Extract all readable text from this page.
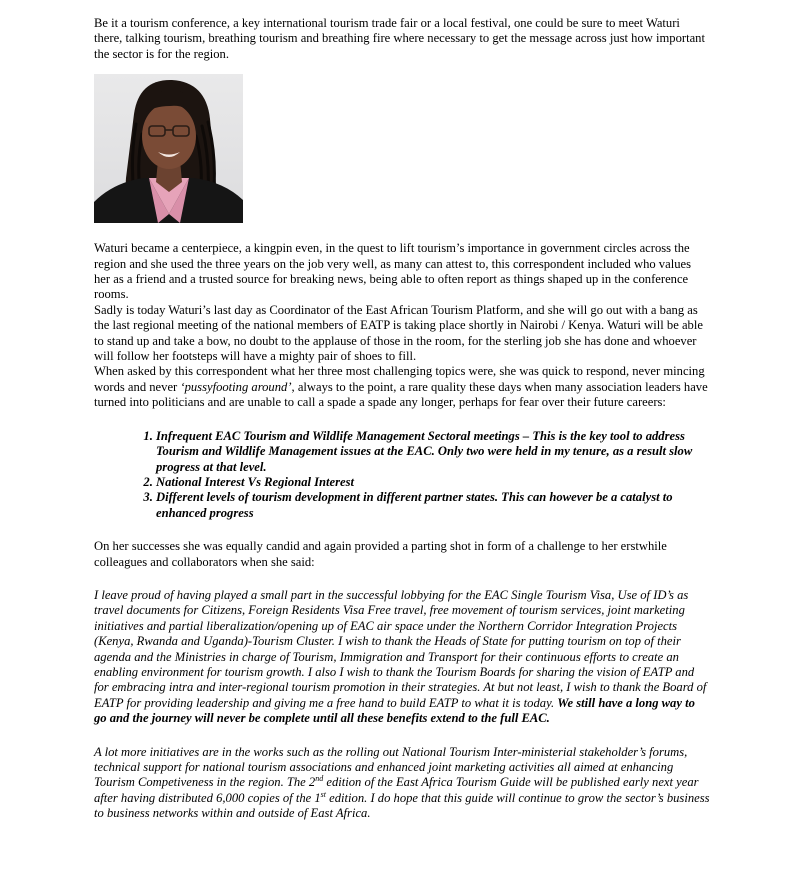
Be it a tourism conference, a key international tourism trade fair or a local festival, one could be sure to meet Waturi there, talking tourism, breathing tourism and breathing fire where necessary to get the message across just how important the sector is for the region.

Waturi became a centerpiece, a kingpin even, in the quest to lift tourism’s importance in government circles across the region and she used the three years on the job very well, as many can attest to, this correspondent included who values her as a friend and a trusted source for breaking news, being able to often report as things shaped up in the conference rooms.

Sadly is today Waturi’s last day as Coordinator of the East African Tourism Platform, and she will go out with a bang as the last regional meeting of the national members of EATP is taking place shortly in Nairobi / Kenya. Waturi will be able to stand up and take a bow, no doubt to the applause of those in the room, for the sterling job she has done and whoever will follow her footsteps will have a mighty pair of shoes to fill.

When asked by this correspondent what her three most challenging topics were, she was quick to respond, never mincing words and never ‘pussyfooting around’, always to the point, a rare quality these days when many association leaders have turned into politicians and are unable to call a spade a spade any longer, perhaps for fear over their future careers:

1. Infrequent EAC Tourism and Wildlife Management Sectoral meetings – This is the key tool to address Tourism and Wildlife Management issues at the EAC. Only two were held in my tenure, as a result slow progress at that level.
2. National Interest Vs Regional Interest
3. Different levels of tourism development in different partner states. This can however be a catalyst to enhanced progress

On her successes she was equally candid and again provided a parting shot in form of a challenge to her erstwhile colleagues and collaborators when she said:

I leave proud of having played a small part in the successful lobbying for the EAC Single Tourism Visa, Use of ID’s as travel documents for Citizens, Foreign Residents Visa Free travel, free movement of tourism services, joint marketing initiatives and partial liberalization/opening up of EAC air space under the Northern Corridor Integration Projects (Kenya, Rwanda and Uganda)-Tourism Cluster. I wish to thank the Heads of State for putting tourism on top of their agenda and the Ministries in charge of Tourism, Immigration and Transport for their continuous efforts to create an enabling environment for tourism growth. I also I wish to thank the Tourism Boards for sharing the vision of EATP and for embracing intra and inter-regional tourism promotion in their strategies. At but not least, I wish to thank the Board of EATP for providing leadership and giving me a free hand to build EATP to what it is today. We still have a long way to go and the journey will never be complete until all these benefits extend to the full EAC.

A lot more initiatives are in the works such as the rolling out National Tourism Inter-ministerial stakeholder’s forums, technical support for national tourism associations and enhanced joint marketing activities all aimed at enhancing Tourism Competiveness in the region. The 2nd edition of the East Africa Tourism Guide will be published early next year after having distributed 6,000 copies of the 1st edition. I do hope that this guide will continue to grow the sector’s business to business networks within and outside of East Africa.
